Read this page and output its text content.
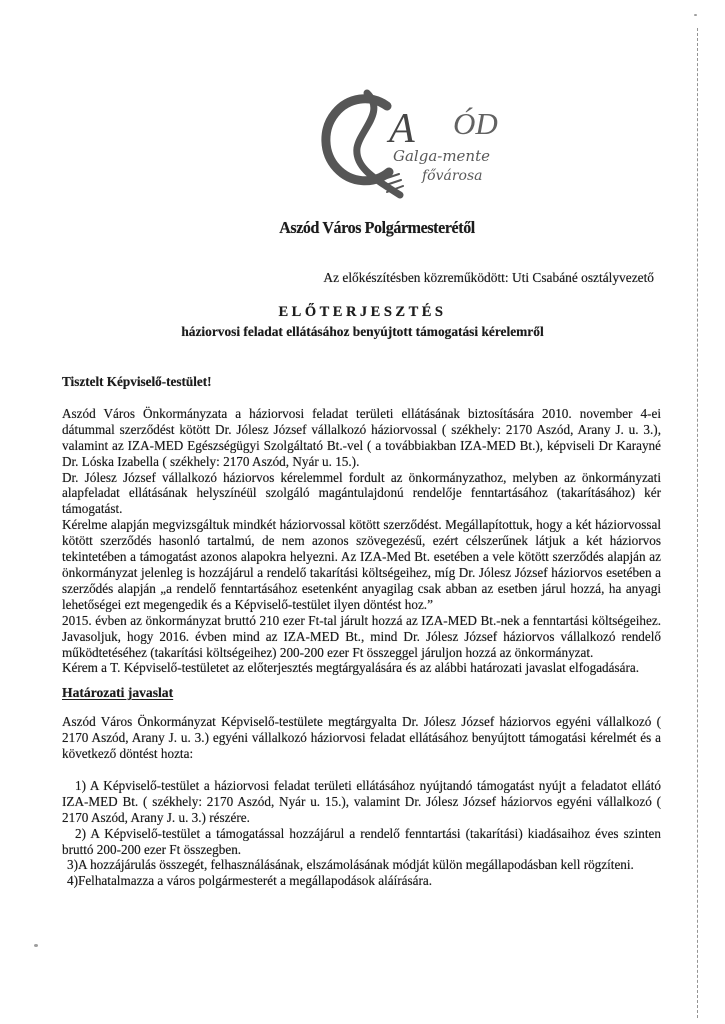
A ÓD
Galga-mente
fővárosa
Aszód Város Polgármesterétől
Az előkészítésben közreműködött: Uti Csabáné osztályvezető
ELŐTERJESZTÉS
háziorvosi feladat ellátásához benyújtott támogatási kérelemről

Tisztelt Képviselő-testület!

Aszód Város Önkormányzata a háziorvosi feladat területi ellátásának biztosítására 2010. november 4-ei dátummal szerződést kötött Dr. Jólesz József vállalkozó háziorvossal ( székhely: 2170 Aszód, Arany J. u. 3.), valamint az IZA-MED Egészségügyi Szolgáltató Bt.-vel ( a továbbiakban IZA-MED Bt.), képviseli Dr Karayné Dr. Lóska Izabella ( székhely: 2170 Aszód, Nyár u. 15.).

Dr. Jólesz József vállalkozó háziorvos kérelemmel fordult az önkormányzathoz, melyben az önkormányzati alapfeladat ellátásának helyszínéül szolgáló magántulajdonú rendelője fenntartásához (takarításához) kér támogatást.

Kérelme alapján megvizsgáltuk mindkét háziorvossal kötött szerződést. Megállapítottuk, hogy a két háziorvossal kötött szerződés hasonló tartalmú, de nem azonos szövegezésű, ezért célszerűnek látjuk a két háziorvos tekintetében a támogatást azonos alapokra helyezni. Az IZA-Med Bt. esetében a vele kötött szerződés alapján az önkormányzat jelenleg is hozzájárul a rendelő takarítási költségeihez, míg Dr. Jólesz József háziorvos esetében a szerződés alapján „a rendelő fenntartásához esetenként anyagilag csak abban az esetben járul hozzá, ha anyagi lehetőségei ezt megengedik és a Képviselő-testület ilyen döntést hoz.”

2015. évben az önkormányzat bruttó 210 ezer Ft-tal járult hozzá az IZA-MED Bt.-nek a fenntartási költségeihez. Javasoljuk, hogy 2016. évben mind az IZA-MED Bt., mind Dr. Jólesz József háziorvos vállalkozó rendelő működtetéséhez (takarítási költségeihez) 200-200 ezer Ft összeggel járuljon hozzá az önkormányzat.

Kérem a T. Képviselő-testületet az előterjesztés megtárgyalására és az alábbi határozati javaslat elfogadására.

Határozati javaslat

Aszód Város Önkormányzat Képviselő-testülete megtárgyalta Dr. Jólesz József háziorvos egyéni vállalkozó ( 2170 Aszód, Arany J. u. 3.) egyéni vállalkozó háziorvosi feladat ellátásához benyújtott támogatási kérelmét és a következő döntést hozta:

1) A Képviselő-testület a háziorvosi feladat területi ellátásához nyújtandó támogatást nyújt a feladatot ellátó IZA-MED Bt. ( székhely: 2170 Aszód, Nyár u. 15.), valamint Dr. Jólesz József háziorvos egyéni vállalkozó ( 2170 Aszód, Arany J. u. 3.) részére.

2) A Képviselő-testület a támogatással hozzájárul a rendelő fenntartási (takarítási) kiadásaihoz éves szinten bruttó 200-200 ezer Ft összegben.

3)A hozzájárulás összegét, felhasználásának, elszámolásának módját külön megállapodásban kell rögzíteni.

4)Felhatalmazza a város polgármesterét a megállapodások aláírására.
